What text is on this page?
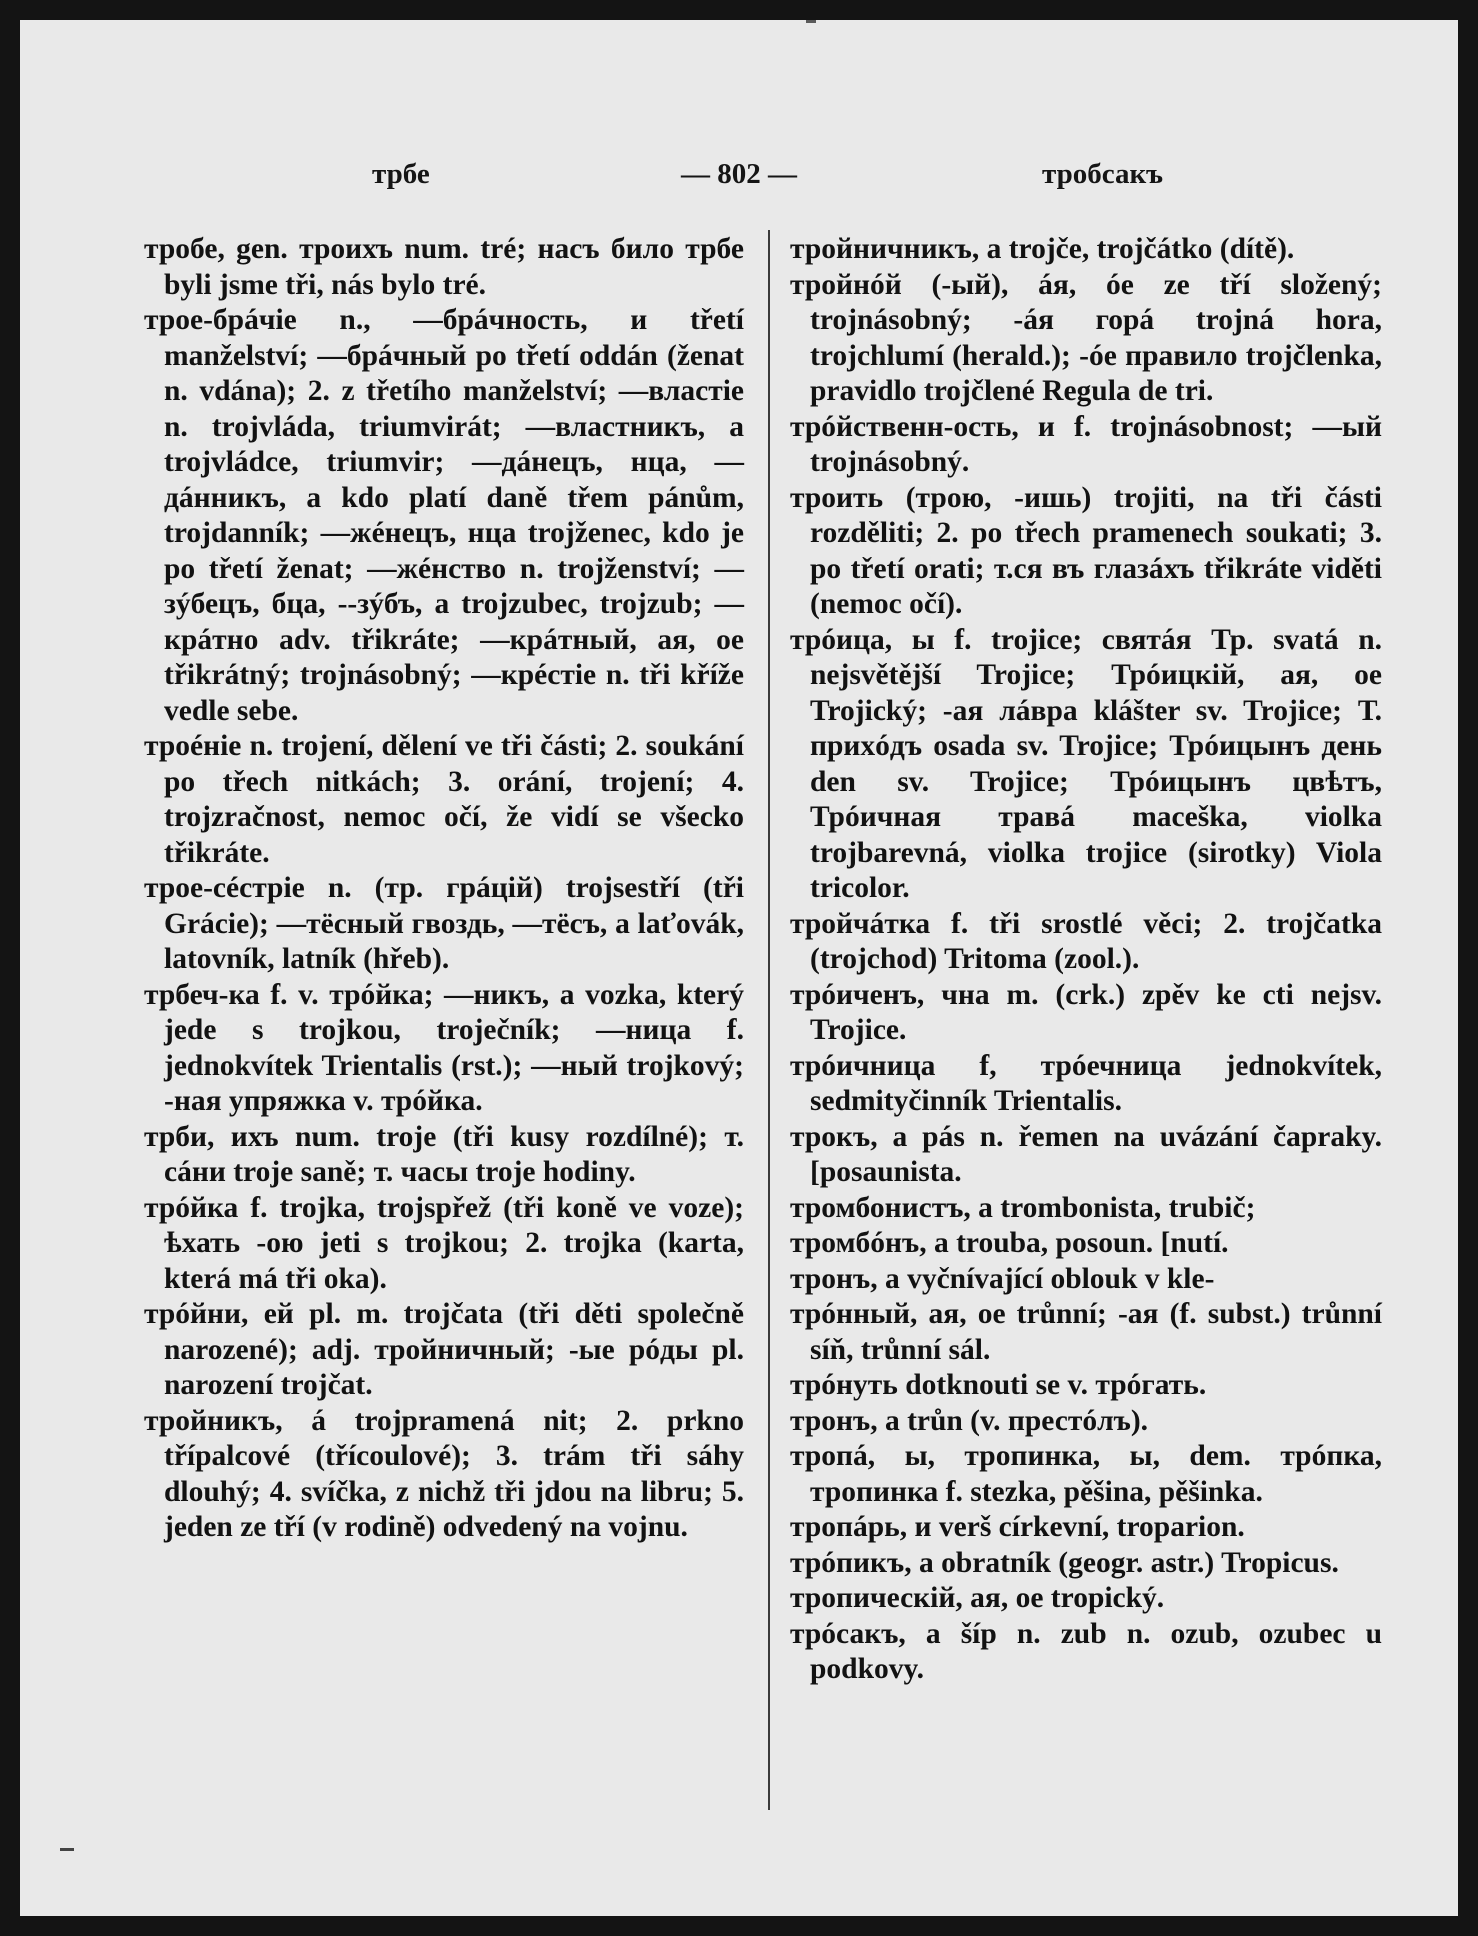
трбе	— 802 —	тробсакъ

тробе, gen. троихъ num. tré; насъ било трбе byli jsme tři, nás bylo tré.

трое-брáчie n., —брáчность, и třetí manželství; —брáчный po třetí oddán (ženat n. vdána); 2. z třetího manželství; —властie n. trojvláda, triumvirát; —властникъ, a trojvládce, triumvir; —дáнецъ, нца, —дáнникъ, a kdo platí daně třem pánům, trojdanník; —жéнецъ, нца trojženec, kdo je po třetí ženat; —жéнство n. trojženství; —зýбецъ, бца, --зýбъ, a trojzubec, trojzub; —крáтно adv. třikráte; —крáтный, ая, ое třikrátný; trojnásobný; —крéстie n. tři kříže vedle sebe.

троéнie n. trojení, dělení ve tři části; 2. soukání po třech nitkách; 3. orání, trojení; 4. trojzračnost, nemoc očí, že vidí se všecko třikráte.

трое-сéстрie n. (тр. грáцiй) trojsestří (tři Grácie); —тёсный гвоздь, —тёсъ, a laťovák, latovník, latník (hřeb).

трбеч-ка f. v. трóйка; —никъ, a vozka, který jede s trojkou, troječník; —ница f. jednokvítek Trientalis (rst.); —ный trojkový; -ная упряжка v. трóйка.

трби, ихъ num. troje (tři kusy rozdílné); т. сáни troje saně; т. часы troje hodiny.

трóйка f. trojka, trojspřež (tři koně ve voze); ѣхать -ою jeti s trojkou; 2. trojka (karta, která má tři oka).

трóйни, ей pl. m. trojčata (tři děti společně narozené); adj. тройничный; -ые рóды pl. narození trojčat.

тройникъ, á trojpramená nit; 2. prkno třípalcové (třícoulové); 3. trám tři sáhy dlouhý; 4. svíčka, z nichž tři jdou na libru; 5. jeden ze tří (v rodině) odvedený na vojnu.

тройничникъ, a trojče, trojčátko (dítě).

тройнóй (-ый), áя, óе ze tří složený; trojnásobný; -áя горá trojná hora, trojchlumí (herald.); -óе правило trojčlenka, pravidlo trojčlené Regula de tri.

трóйственн-ость, и f. trojnásobnost; —ый trojnásobný.

троить (трою, -ишь) trojiti, na tři části rozděliti; 2. po třech pramenech soukati; 3. po třetí orati; т.ся въ глазáхъ třikráte viděti (nemoc očí).

трóица, ы f. trojice; святáя Тр. svatá n. nejsvětější Trojice; Трóицкiй, ая, ое Trojický; -ая лáвра klášter sv. Trojice; Т. прихóдъ osada sv. Trojice; Трóицынъ день den sv. Trojice; Трóицынъ цвѣтъ, Трóичная травá maceška, violka trojbarevná, violka trojice (sirotky) Viola tricolor.

тройчáтка f. tři srostlé věci; 2. trojčatka (trojchod) Tritoma (zool.).

трóиченъ, чна m. (crk.) zpěv ke cti nejsv. Trojice.

трóичница f, трóечница jednokvítek, sedmityčinník Trientalis.

трокъ, a pás n. řemen na uvázání čapraky. [posaunista.

тромбонистъ, a trombonista, trubič;

тромбóнъ, a trouba, posoun. [nutí.

тронъ, a vyčnívající oblouk v kle-

трóнный, ая, ое trůnní; -ая (f. subst.) trůnní síň, trůnní sál.

трóнуть dotknouti se v. трóгать.

тронъ, a trůn (v. престóлъ).

тропá, ы, тропинка, ы, dem. трóпка, тропинка f. stezka, pěšina, pěšinka.

тропáрь, и verš církevní, troparion.

трóпикъ, a obratník (geogr. astr.) Tropicus.

тропическiй, ая, ое tropický.

трóсакъ, a šíp n. zub n. ozub, ozubec u podkovy.
